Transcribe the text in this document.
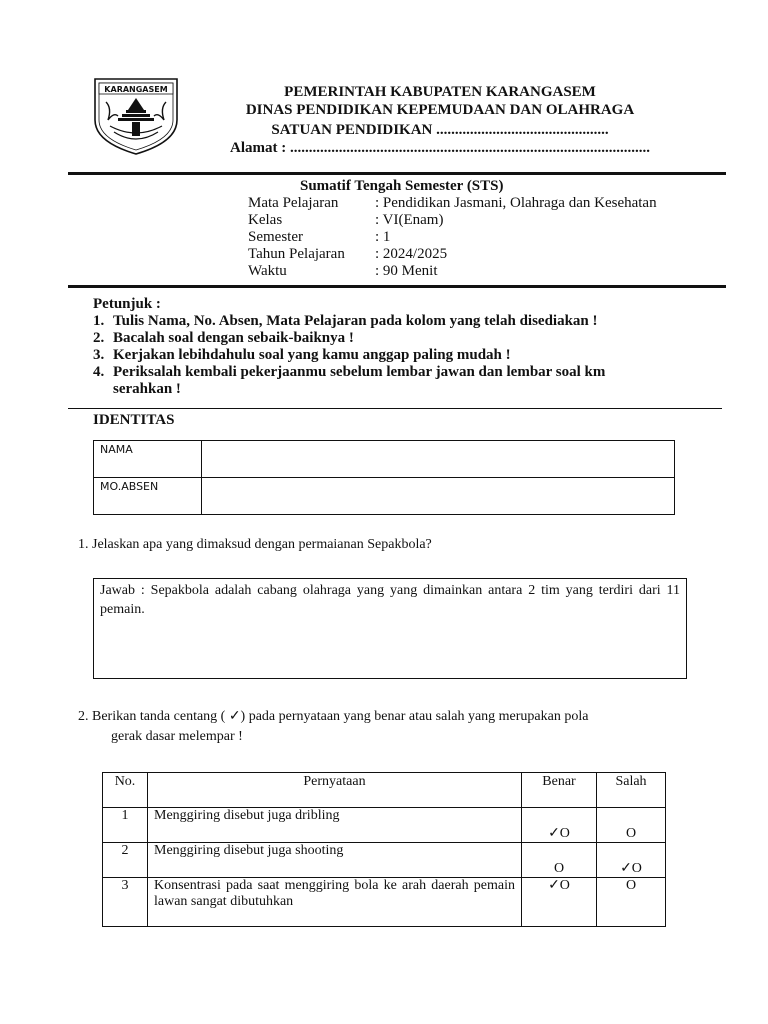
KARANGASEM	PEMERINTAH KABUPATEN KARANGASEM
DINAS PENDIDIKAN KEPEMUDAAN DAN OLAHRAGA
SATUAN PENDIDIKAN ..............................................
Alamat : ................................................................................................
Sumatif Tengah Semester (STS)
Mata Pelajaran	: Pendidikan Jasmani, Olahraga dan Kesehatan
Kelas	: VI(Enam)
Semester	: 1
Tahun Pelajaran	: 2024/2025
Waktu	: 90 Menit
Petunjuk :
1. Tulis Nama, No. Absen, Mata Pelajaran pada kolom yang telah disediakan !
2. Bacalah soal dengan sebaik-baiknya !
3. Kerjakan lebihdahulu soal yang kamu anggap paling mudah !
4. Periksalah kembali pekerjaanmu sebelum lembar jawan dan lembar soal km serahkan !
IDENTITAS
NAMA	
MO.ABSEN	
1. Jelaskan apa yang dimaksud dengan permaianan Sepakbola?
Jawab : Sepakbola adalah cabang olahraga yang yang dimainkan antara 2 tim yang terdiri dari 11 pemain.
2. Berikan tanda centang ( ✓) pada pernyataan yang benar atau salah yang merupakan pola
gerak dasar melempar !
No.	Pernyataan	Benar	Salah
1	Menggiring disebut juga dribling	✓O	O

2	Menggiring disebut juga shooting	O	✓O

3	Konsentrasi pada saat menggiring bola ke arah daerah pemain lawan sangat dibutuhkan	✓O	O
